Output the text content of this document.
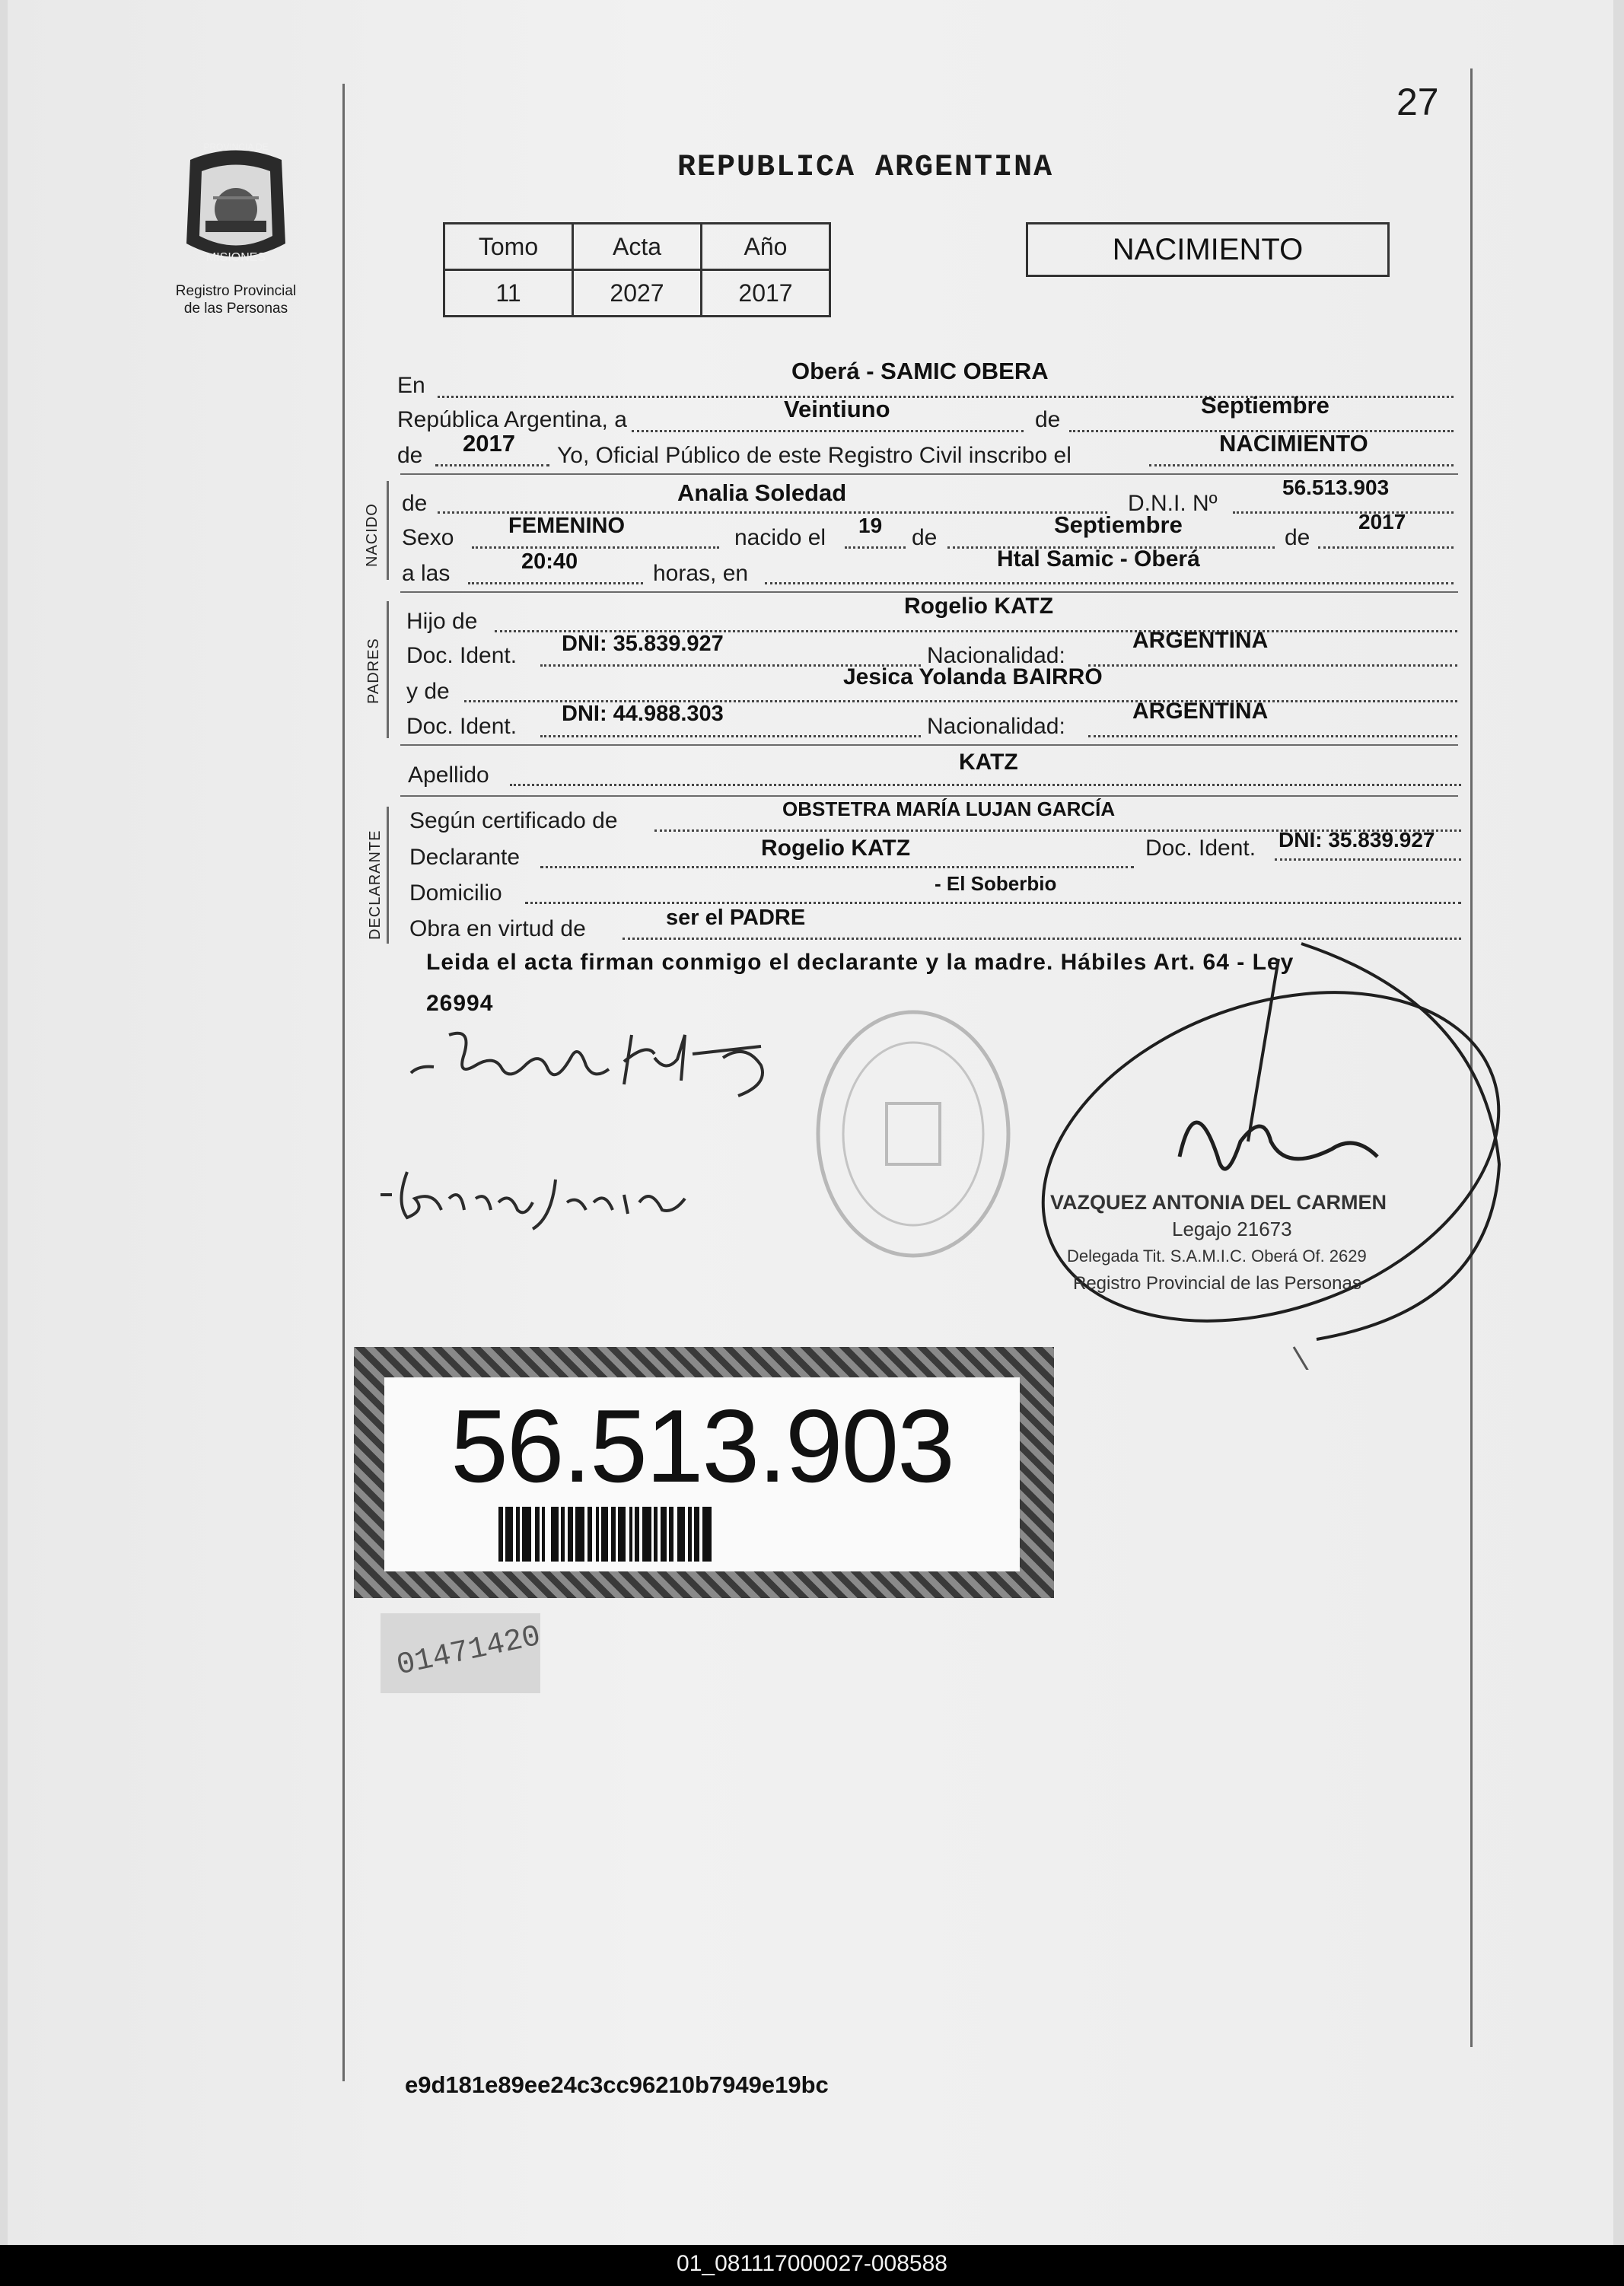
27
PROVINCIA DE
MISIONES
Registro Provincial
de las Personas
REPUBLICA ARGENTINA
Tomo	Acta	Año
11	2027	2017
NACIMIENTO
En
Oberá - SAMIC OBERA
República Argentina, a	Veintiuno	de
Septiembre
de 2017 Yo, Oficial Público de este Registro Civil inscribo el	NACIMIENTO
NACIDO de	Analia Soledad	D.N.I. Nº
56.513.903
Sexo FEMENINO	nacido el 19 de	Septiembre	de
2017
a las	20:40	horas, en
Htal Samic - Oberá
PADRES
Hijo de
Rogelio KATZ
Doc. Ident. DNI: 35.839.927	Nacionalidad:
ARGENTINA
y de
Jesica Yolanda BAIRRO
Doc. Ident. DNI: 44.988.303	Nacionalidad:
ARGENTINA
Apellido
KATZ
DECLARANTE
Según certificado de	OBSTETRA MARÍA LUJAN GARCÍA
Declarante	Rogelio KATZ	Doc. Ident. DNI: 35.839.927
Domicilio	- El Soberbio
Obra en virtud de	ser el PADRE
Leida el acta firman conmigo el declarante y la madre. Hábiles Art. 64 - Ley
26994
VAZQUEZ ANTONIA DEL CARMEN
Legajo 21673
Delegada Tit. S.A.M.I.C. Oberá Of. 2629
Registro Provincial de las Personas
56.513.903
01471420
e9d181e89ee24c3cc96210b7949e19bc
01_081117000027-008588
